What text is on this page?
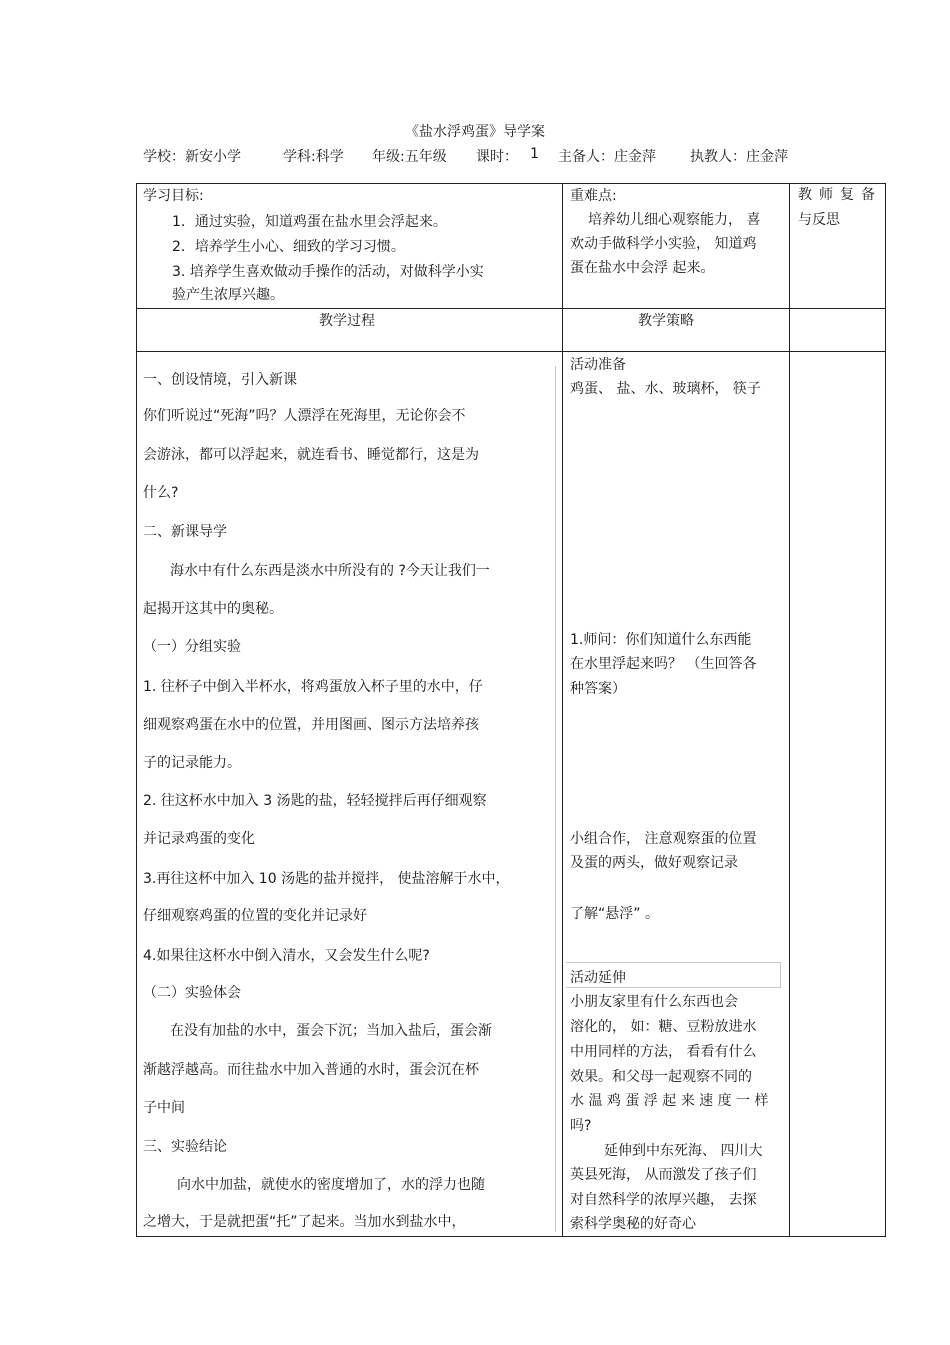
《盐水浮鸡蛋》导学案
学校：新安小学	学科:科学 年级:五年级 课时： 1 主备人：庄金萍 执教人：庄金萍
学习目标:
1．通过实验，知道鸡蛋在盐水里会浮起来。
2．培养学生小心、细致的学习习惯。
3. 培养学生喜欢做动手操作的活动，对做科学小实
验产生浓厚兴趣。
重难点:
培养幼儿细心观察能力， 喜
欢动手做科学小实验， 知道鸡
蛋在盐水中会浮 起来。
教师复备
与反思
教学过程	教学策略
一、创设情境，引入新课
你们听说过“死海”吗？人漂浮在死海里，无论你会不
会游泳，都可以浮起来，就连看书、睡觉都行，这是为
什么?
二、新课导学
海水中有什么东西是淡水中所没有的 ?今天让我们一
起揭开这其中的奥秘。
（一）分组实验
1. 往杯子中倒入半杯水，将鸡蛋放入杯子里的水中，仔
细观察鸡蛋在水中的位置，并用图画、图示方法培养孩
子的记录能力。
2. 往这杯水中加入 3 汤匙的盐，轻轻搅拌后再仔细观察
并记录鸡蛋的变化
3.再往这杯中加入 10 汤匙的盐并搅拌， 使盐溶解于水中，
仔细观察鸡蛋的位置的变化并记录好
4.如果往这杯水中倒入清水，又会发生什么呢?
（二）实验体会
在没有加盐的水中，蛋会下沉；当加入盐后，蛋会渐
渐越浮越高。而往盐水中加入普通的水时，蛋会沉在杯
子中间
三、实验结论
向水中加盐，就使水的密度增加了，水的浮力也随
之增大，于是就把蛋“托”了起来。当加水到盐水中，
活动准备
鸡蛋、 盐、水、玻璃杯， 筷子
1.师问：你们知道什么东西能
在水里浮起来吗？ （生回答各
种答案）
小组合作， 注意观察蛋的位置
及蛋的两头，做好观察记录
了解“悬浮” 。
活动延伸
小朋友家里有什么东西也会
溶化的， 如：糖、豆粉放进水
中用同样的方法， 看看有什么
效果。和父母一起观察不同的
水 温 鸡 蛋 浮 起 来 速 度 一 样
吗?
延伸到中东死海、 四川大
英县死海， 从而激发了孩子们
对自然科学的浓厚兴趣， 去探
索科学奥秘的好奇心
